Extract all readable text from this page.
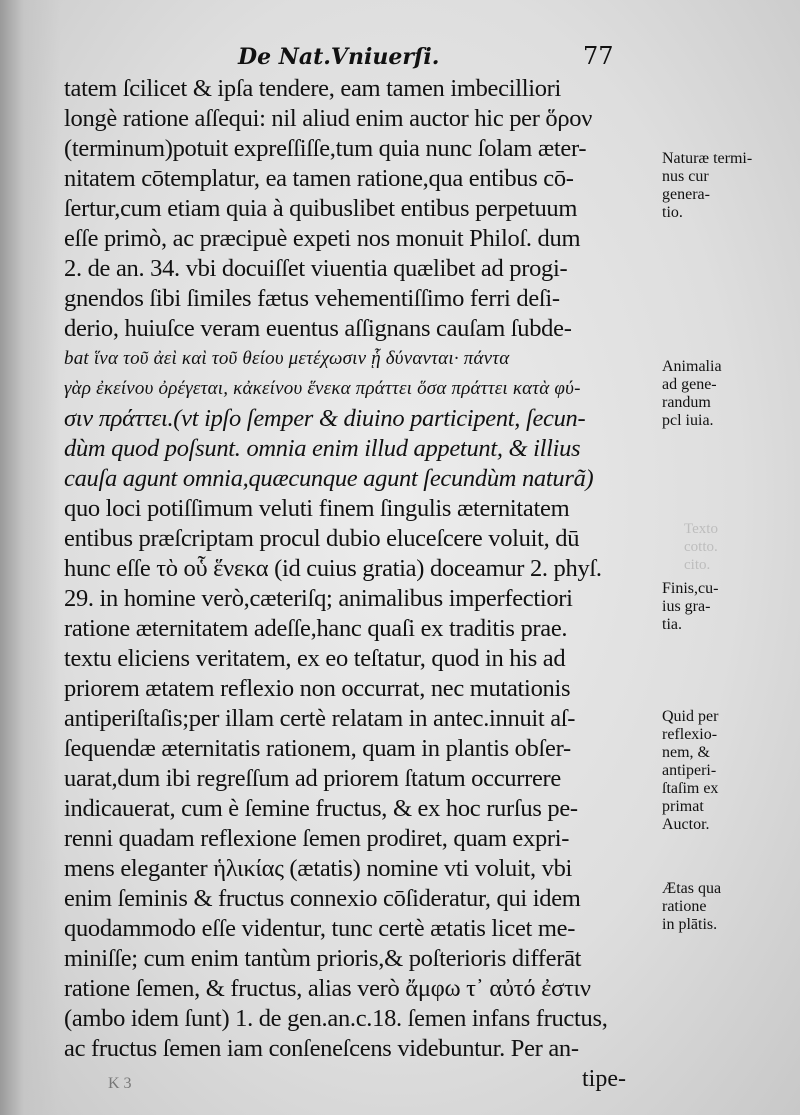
De Nat.Vniuerſi.	77
tatem ſcilicet & ipſa tendere, eam tamen imbecilliori
longè ratione aſſequi: nil aliud enim auctor hic per ὅρον
(terminum)potuit expreſſiſſe,tum quia nunc ſolam æter-
nitatem cōtemplatur, ea tamen ratione,qua entibus cō-
ſertur,cum etiam quia à quibuslibet entibus perpetuum
eſſe primò, ac præcipuè expeti nos monuit Philoſ. dum
2. de an. 34. vbi docuiſſet viuentia quælibet ad progi-
gnendos ſibi ſimiles fætus vehementiſſimo ferri deſi-
derio, huiuſce veram euentus aſſignans cauſam ſubde-
bat ἵνα τοῦ ἀεὶ καὶ τοῦ θείου μετέχωσιν ᾗ δύνανται· πάντα
γὰρ ἐκείνου ὀρέγεται, κἀκείνου ἕνεκα πράττει ὅσα πράττει κατὰ φύ-
σιν πράττει.(vt ipſo ſemper & diuino participent, ſecun-
dùm quod poſsunt. omnia enim illud appetunt, & illius
cauſa agunt omnia,quæcunque agunt ſecundùm naturã)
quo loci potiſſimum veluti finem ſingulis æternitatem
entibus præſcriptam procul dubio eluceſcere voluit, dū
hunc eſſe τὸ οὗ ἕνεκα (id cuius gratia) doceamur 2. phyſ.
29. in homine verò,cæteriſq; animalibus imperfectiori
ratione æternitatem adeſſe,hanc quaſi ex traditis prae.
textu eliciens veritatem, ex eo teſtatur, quod in his ad
priorem ætatem reflexio non occurrat, nec mutationis
antiperiſtaſis;per illam certè relatam in antec.innuit aſ-
ſequendæ æternitatis rationem, quam in plantis obſer-
uarat,dum ibi regreſſum ad priorem ſtatum occurrere
indicauerat, cum è ſemine fructus, & ex hoc rurſus pe-
renni quadam reflexione ſemen prodiret, quam expri-
mens eleganter ἡλικίας (ætatis) nomine vti voluit, vbi
enim ſeminis & fructus connexio cōſideratur, qui idem
quodammodo eſſe videntur, tunc certè ætatis licet me-
miniſſe; cum enim tantùm prioris,& poſterioris differāt
ratione ſemen, & fructus, alias verò ἄμφω τ᾽ αὐτό ἐστιν
(ambo idem ſunt) 1. de gen.an.c.18. ſemen infans fructus,
ac fructus ſemen iam conſeneſcens videbuntur. Per an-
Naturæ termi-
nus cur
genera-
tio.
Animalia
ad gene-
randum
pcl iuia.
Finis,cu-
ius gra-
tia.
Quid per
reflexio-
nem, &
antiperi-
ſtaſim ex
primat
Auctor.
Ætas qua
ratione
in plātis.
Texto
cotto.
cito.
K 3	tipe-
